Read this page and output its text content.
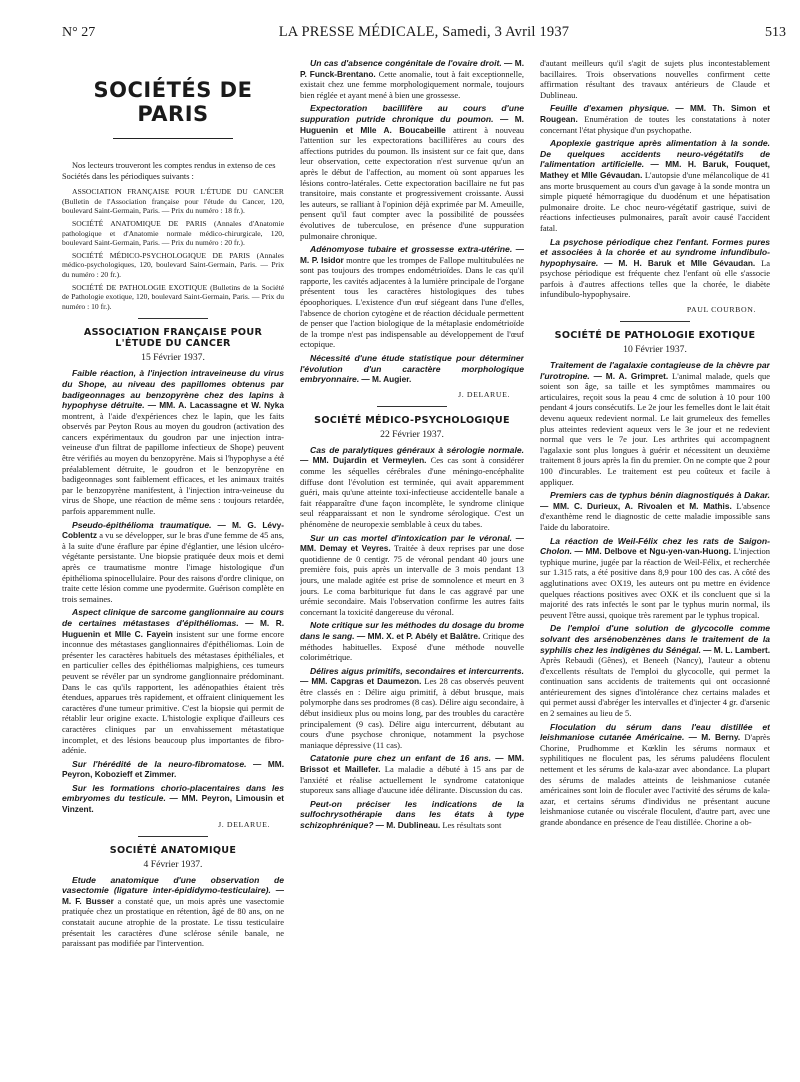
N° 27	LA PRESSE MÉDICALE, Samedi, 3 Avril 1937	513
SOCIÉTÉS DE PARIS
Nos lecteurs trouveront les comptes rendus in extenso de ces Sociétés dans les périodiques suivants :

ASSOCIATION FRANÇAISE POUR L'ÉTUDE DU CANCER (Bulletin de l'Association française pour l'étude du Cancer, 120, boulevard Saint-Germain, Paris. — Prix du numéro : 18 fr.).

SOCIÉTÉ ANATOMIQUE DE PARIS (Annales d'Anatomie pathologique et d'Anatomie normale médico-chirurgicale, 120, boulevard Saint-Germain, Paris. — Prix du numéro : 20 fr.).

SOCIÉTÉ MÉDICO-PSYCHOLOGIQUE DE PARIS (Annales médico-psychologiques, 120, boulevard Saint-Germain, Paris. — Prix du numéro : 20 fr.).

SOCIÉTÉ DE PATHOLOGIE EXOTIQUE (Bulletins de la Société de Pathologie exotique, 120, boulevard Saint-Germain, Paris. — Prix du numéro : 10 fr.).

ASSOCIATION FRANÇAISE POUR L'ÉTUDE DU CANCER
15 Février 1937.
Faible réaction, à l'injection intraveineuse du virus du Shope, au niveau des papillomes obtenus par badigeonnages au benzopyrène chez des lapins à hypophyse détruite. — MM. A. Lacassagne et W. Nyka montrent, à l'aide d'expériences chez le lapin, que les faits observés par Peyton Rous au moyen du goudron (activation des cancers expérimentaux du goudron par une injection intra-veineuse d'un filtrat de papillome infectieux de Shope) peuvent être vérifiés au moyen du benzopyrène. Mais si l'hypophyse a été préalablement détruite, le goudron et le benzopyrène en badigeonnages sont faiblement efficaces, et les animaux traités par le benzopyrène manifestent, à l'injection intra-veineuse du virus de Shope, une réaction de même sens : toujours retardée, parfois apparemment nulle.
Pseudo-épithélioma traumatique. — M. G. Lévy-Coblentz a vu se développer, sur le bras d'une femme de 45 ans, à la suite d'une éraflure par épine d'églantier, une lésion ulcéro-végétante persistante. Une biopsie pratiquée deux mois et demi après ce traumatisme montre l'image histologique d'un épithélioma spinocellulaire. Pour des raisons d'ordre clinique, on traite cette lésion comme une pyodermite. Guérison complète en trois semaines.
Aspect clinique de sarcome ganglionnaire au cours de certaines métastases d'épithéliomas. — M. R. Huguenin et Mlle C. Fayein insistent sur une forme encore inconnue des métastases ganglionnaires d'épithéliomas. Loin de présenter les caractères habituels des métastases épithéliales, et en particulier celles des épithéliomas malpighiens, ces tumeurs peuvent se révéler par un syndrome ganglionnaire prédominant. Dans le cas qu'ils rapportent, les adénopathies étaient très étendues, apparues très rapidement, et offraient cliniquement les caractères d'une tumeur primitive. C'est la biopsie qui permit de rétablir leur origine exacte. L'histologie explique d'ailleurs ces caractères cliniques par un envahissement métastatique incomplet, et des lésions beaucoup plus importantes de fibro-adénie.
Sur l'hérédité de la neuro-fibromatose. — MM. Peyron, Kobozieff et Zimmer.
Sur les formations chorio-placentaires dans les embryomes du testicule. — MM. Peyron, Limousin et Vinzent.
J. DELARUE.
SOCIÉTÉ ANATOMIQUE
4 Février 1937.
Etude anatomique d'une observation de vasectomie (ligature inter-épididymo-testiculaire). — M. F. Busser a constaté que, un mois après une vasectomie pratiquée chez un prostatique en rétention, âgé de 80 ans, on ne constatait aucune atrophie de la prostate. Le tissu testiculaire présentait les caractères d'une sclérose sénile banale, ne paraissant pas modifiée par l'intervention.
Un cas d'absence congénitale de l'ovaire droit. — M. P. Funck-Brentano. Cette anomalie, tout à fait exceptionnelle, existait chez une femme morphologiquement normale, toujours bien réglée et ayant mené à bien une grossesse.
Expectoration bacillifère au cours d'une suppuration putride chronique du poumon. — M. Huguenin et Mlle A. Boucabeille attirent à nouveau l'attention sur les expectorations bacillifères au cours des affections putrides du poumon. Ils insistent sur ce fait que, dans leur observation, cette expectoration n'est survenue qu'un an après le début de l'affection, au moment où sont apparues les lésions contro-latérales. Cette expectoration bacillaire ne fut pas transitoire, mais constante et progressivement croissante. Aussi les auteurs, se ralliant à l'opinion déjà exprimée par M. Ameuille, pensent qu'il faut compter avec la possibilité de poussées évolutives de tuberculose, en présence d'une suppuration pulmonaire chronique.
Adénomyose tubaire et grossesse extra-utérine. — M. P. Isidor montre que les trompes de Fallope multitubulées ne sont pas toujours des trompes endométrioïdes. Dans le cas qu'il rapporte, les cavités adjacentes à la lumière principale de l'organe présentent tous les caractères histologiques des tubes époophoriques. L'existence d'un œuf siégeant dans l'une d'elles, l'absence de chorion cytogène et de réaction déciduale permettent de penser que l'action biologique de la métaplasie endométrioïde de la trompe n'est pas indispensable au développement de l'œuf ectopique.
Nécessité d'une étude statistique pour déterminer l'évolution d'un caractère morphologique embryonnaire. — M. Augier.
J. DELARUE.
SOCIÉTÉ MÉDICO-PSYCHOLOGIQUE
22 Février 1937.
Cas de paralytiques généraux à sérologie normale. — MM. Dujardin et Vermeylen. Ces cas sont à considérer comme les séquelles cérébrales d'une méningo-encéphalite diffuse dont l'évolution est terminée, qui avait apparemment guéri, mais qu'une atteinte toxi-infectieuse accidentelle banale a fait réapparaître d'une façon incomplète, le syndrome clinique seul réapparaissant et non le syndrome sérologique. C'est un phénomène de neuropexie semblable à ceux du tabes.
Sur un cas mortel d'intoxication par le véronal. — MM. Demay et Veyres. Traitée à deux reprises par une dose quotidienne de 0 centigr. 75 de véronal pendant 40 jours une première fois, puis après un intervalle de 3 mois pendant 13 jours, une malade agitée est prise de somnolence et meurt en 3 jours. Le coma barbiturique fut dans le cas aggravé par une urémie secondaire. Mais l'observation confirme les autres faits concernant la toxicité dangereuse du véronal.
Note critique sur les méthodes du dosage du brome dans le sang. — MM. X. et P. Abély et Balâtre. Critique des méthodes habituelles. Exposé d'une méthode nouvelle colorimétrique.
Délires aigus primitifs, secondaires et intercurrents. — MM. Capgras et Daumezon. Les 28 cas observés peuvent être classés en : Délire aigu primitif, à début brusque, mais polymorphe dans ses prodromes (8 cas). Délire aigu secondaire, à début insidieux plus ou moins long, par des troubles du caractère principalement (9 cas). Délire aigu intercurrent, débutant au cours d'une psychose chronique, notamment la psychose maniaque dépressive (11 cas).
Catatonie pure chez un enfant de 16 ans. — MM. Brissot et Maillefer. La maladie a débuté à 15 ans par de l'anxiété et réalise actuellement le syndrome catatonique stuporeux sans alliage d'aucune idée délirante. Discussion du cas.
Peut-on préciser les indications de la sulfochrysothérapie dans les états à type schizophrénique? — M. Dublineau. Les résultats sont
d'autant meilleurs qu'il s'agit de sujets plus incontestablement bacillaires. Trois observations nouvelles confirment cette affirmation résultant des travaux antérieurs de Claude et Dublineau.
Feuille d'examen physique. — MM. Th. Simon et Rougean. Enumération de toutes les constatations à noter concernant l'état physique d'un psychopathe.
Apoplexie gastrique après alimentation à la sonde. De quelques accidents neuro-végétatifs de l'alimentation artificielle. — MM. H. Baruk, Fouquet, Mathey et Mlle Gévaudan. L'autopsie d'une mélancolique de 41 ans morte brusquement au cours d'un gavage à la sonde montra un simple piqueté hémorragique du duodénum et une hépatisation pulmonaire droite. Le choc neuro-végétatif gastrique, suivi de réactions infectieuses pulmonaires, paraît avoir causé l'accident fatal.
La psychose périodique chez l'enfant. Formes pures et associées à la chorée et au syndrome infundibulo-hypophysaire. — M. H. Baruk et Mlle Gévaudan. La psychose périodique est fréquente chez l'enfant où elle s'associe parfois à d'autres affections telles que la chorée, le diabète infundibulo-hypophysaire.
PAUL COURBON.
SOCIÉTÉ DE PATHOLOGIE EXOTIQUE
10 Février 1937.
Traitement de l'agalaxie contagieuse de la chèvre par l'urotropine. — M. A. Grimpret. L'animal malade, quels que soient son âge, sa taille et les symptômes mammaires ou articulaires, reçoit sous la peau 4 cmc de solution à 10 pour 100 pendant 4 jours consécutifs. Le 2e jour les femelles dont le lait était devenu aqueux redevient normal. Le lait grumeleux des femelles plus atteintes redevient aqueux vers le 3e jour et ne redevient normal que vers le 7e jour. Les arthrites qui accompagnent l'agalaxie sont plus longues à guérir et nécessitent un deuxième traitement 8 jours après la fin du premier. On ne compte que 2 pour 100 d'incurables. Le traitement est peu coûteux et facile à appliquer.
Premiers cas de typhus bénin diagnostiqués à Dakar. — MM. C. Durieux, A. Rivoalen et M. Mathis. L'absence d'exanthème rend le diagnostic de cette maladie impossible sans l'aide du laboratoire.
La réaction de Weil-Félix chez les rats de Saigon-Cholon. — MM. Delbove et Ngu-yen-van-Huong. L'injection typhique murine, jugée par la réaction de Weil-Félix, et recherchée sur 1.315 rats, a été positive dans 8,9 pour 100 des cas. A côté des agglutinations avec OX19, les auteurs ont pu mettre en évidence quelques réactions positives avec OXK et ils concluent que si la majorité des rats infectés le sont par le typhus murin normal, ils peuvent l'être aussi, quoique très rarement par le typhus tropical.
De l'emploi d'une solution de glycocolle comme solvant des arsénobenzènes dans le traitement de la syphilis chez les indigènes du Sénégal. — M. L. Lambert. Après Rebaudi (Gênes), et Beneeh (Nancy), l'auteur a obtenu d'excellents résultats de l'emploi du glycocolle, qui permet la continuation sans accidents de traitements qui ont occasionné antérieurement des signes d'intolérance chez certains malades et qui permet aussi d'abréger les intervalles et d'injecter 4 gr. d'arsenic en 2 semaines au lieu de 5.
Floculation du sérum dans l'eau distillée et leishmaniose cutanée Américaine. — M. Berny. D'après Chorine, Prudhomme et Kœklin les sérums normaux et syphilitiques ne floculent pas, les sérums paludéens floculent nettement et les sérums de kala-azar avec abondance. La plupart des sérums de malades atteints de leishmaniose cutanée américaines sont loin de floculer avec l'activité des sérums de kala-azar, et certains sérums d'individus ne présentant aucune leishmaniose cutanée ou viscérale floculent, d'autre part, avec une grande abondance en présence de l'eau distillée. Chorine a ob-
